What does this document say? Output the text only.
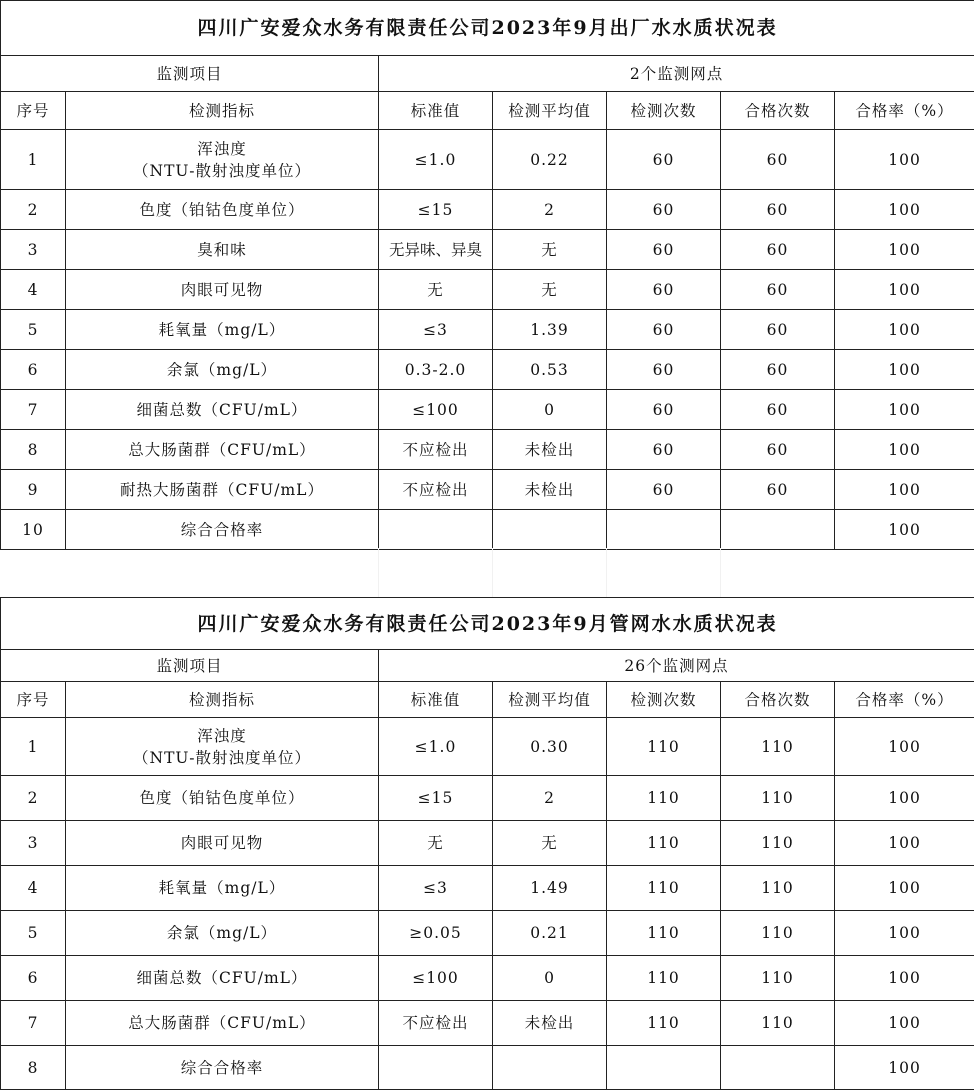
四川广安爱众水务有限责任公司2023年9月出厂水水质状况表						
监测项目		2个监测网点				
序号	检测指标	标准值	检测平均值	检测次数	合格次数	合格率（%）
1	浑浊度
（NTU-散射浊度单位）	≤1.0	0.22	60	60	100
2	色度（铂钴色度单位）	≤15	2	60	60	100
3	臭和味	无异味、异臭	无	60	60	100
4	肉眼可见物	无	无	60	60	100
5	耗氧量（mg/L）	≤3	1.39	60	60	100
6	余氯（mg/L）	0.3-2.0	0.53	60	60	100
7	细菌总数（CFU/mL）	≤100	0	60	60	100
8	总大肠菌群（CFU/mL）	不应检出	未检出	60	60	100
9	耐热大肠菌群（CFU/mL）	不应检出	未检出	60	60	100
10	综合合格率					100
四川广安爱众水务有限责任公司2023年9月管网水水质状况表						
监测项目		26个监测网点				
序号	检测指标	标准值	检测平均值	检测次数	合格次数	合格率（%）
1	浑浊度
（NTU-散射浊度单位）	≤1.0	0.30	110	110	100
2	色度（铂钴色度单位）	≤15	2	110	110	100
3	肉眼可见物	无	无	110	110	100
4	耗氧量（mg/L）	≤3	1.49	110	110	100
5	余氯（mg/L）	≥0.05	0.21	110	110	100
6	细菌总数（CFU/mL）	≤100	0	110	110	100
7	总大肠菌群（CFU/mL）	不应检出	未检出	110	110	100
8	综合合格率					100
